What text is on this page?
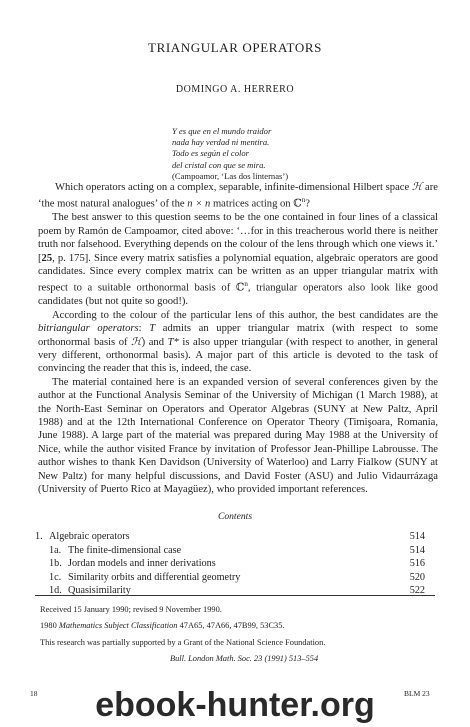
TRIANGULAR OPERATORS
DOMINGO A. HERRERO
Y es que en el mundo traidor
nada hay verdad ni mentira.
Todo es según el color
del cristal con que se mira.
(Campoamor, ‘Las dos linternas’)

Which operators acting on a complex, separable, infinite-dimensional Hilbert space ℋ are ‘the most natural analogues’ of the n × n matrices acting on ℂ$^n$?

The best answer to this question seems to be the one contained in four lines of a classical poem by Ramón de Campoamor, cited above: ‘…for in this treacherous world there is neither truth nor falsehood. Everything depends on the colour of the lens through which one views it.’ [25, p. 175]. Since every matrix satisfies a polynomial equation, algebraic operators are good candidates. Since every complex matrix can be written as an upper triangular matrix with respect to a suitable orthonormal basis of ℂ$^n$, triangular operators also look like good candidates (but not quite so good!).

According to the colour of the particular lens of this author, the best candidates are the bitriangular operators: T admits an upper triangular matrix (with respect to some orthonormal basis of ℋ) and T* is also upper triangular (with respect to another, in general very different, orthonormal basis). A major part of this article is devoted to the task of convincing the reader that this is, indeed, the case.

The material contained here is an expanded version of several conferences given by the author at the Functional Analysis Seminar of the University of Michigan (1 March 1988), at the North-East Seminar on Operators and Operator Algebras (SUNY at New Paltz, April 1988) and at the 12th International Conference on Operator Theory (Timişoara, Romania, June 1988). A large part of the material was prepared during May 1988 at the University of Nice, while the author visited France by invitation of Professor Jean-Phillipe Labrousse. The author wishes to thank Ken Davidson (University of Waterloo) and Larry Fialkow (SUNY at New Paltz) for many helpful discussions, and David Foster (ASU) and Julio Vidaurrázaga (University of Puerto Rico at Mayagüez), who provided important references.

Contents
1. Algebraic operators	514
1a. The finite-dimensional case	514
1b. Jordan models and inner derivations	516
1c. Similarity orbits and differential geometry	520
1d. Quasisimilarity	522
Received 15 January 1990; revised 9 November 1990.
1980 Mathematics Subject Classification 47A65, 47A66, 47B99, 53C35.
This research was partially supported by a Grant of the National Science Foundation.
Bull. London Math. Soc. 23 (1991) 513–554
18	BLM 23
ebook-hunter.org
